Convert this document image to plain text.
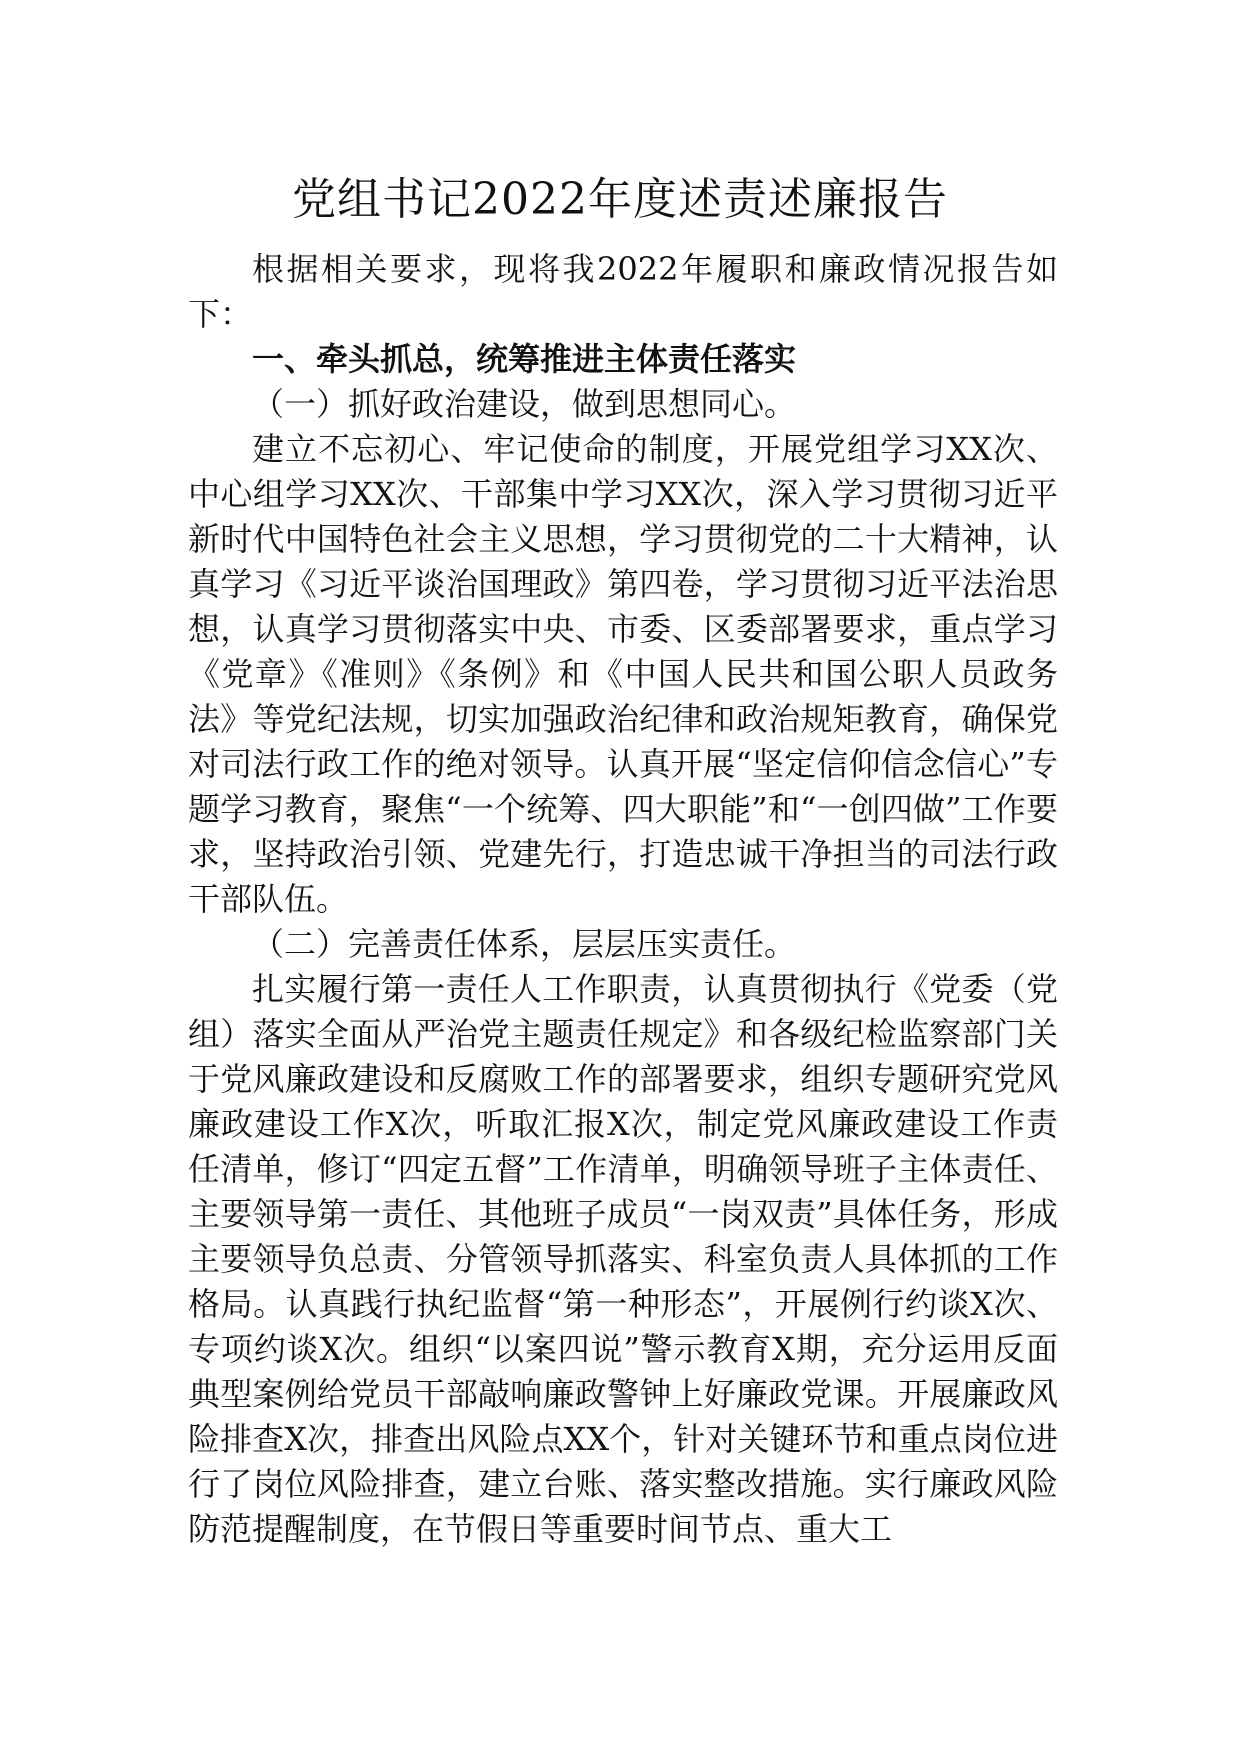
党组书记2022年度述责述廉报告

根据相关要求，现将我2022年履职和廉政情况报告如下：

一、牵头抓总，统筹推进主体责任落实

（一）抓好政治建设，做到思想同心。

建立不忘初心、牢记使命的制度，开展党组学习XX次、中心组学习XX次、干部集中学习XX次，深入学习贯彻习近平新时代中国特色社会主义思想，学习贯彻党的二十大精神，认真学习《习近平谈治国理政》第四卷，学习贯彻习近平法治思想，认真学习贯彻落实中央、市委、区委部署要求，重点学习《党章》《准则》《条例》和《中国人民共和国公职人员政务法》等党纪法规，切实加强政治纪律和政治规矩教育，确保党对司法行政工作的绝对领导。认真开展“坚定信仰信念信心”专题学习教育，聚焦“一个统筹、四大职能”和“一创四做”工作要求，坚持政治引领、党建先行，打造忠诚干净担当的司法行政干部队伍。

（二）完善责任体系，层层压实责任。

扎实履行第一责任人工作职责，认真贯彻执行《党委（党组）落实全面从严治党主题责任规定》和各级纪检监察部门关于党风廉政建设和反腐败工作的部署要求，组织专题研究党风廉政建设工作X次，听取汇报X次，制定党风廉政建设工作责任清单，修订“四定五督”工作清单，明确领导班子主体责任、主要领导第一责任、其他班子成员“一岗双责”具体任务，形成主要领导负总责、分管领导抓落实、科室负责人具体抓的工作格局。认真践行执纪监督“第一种形态”，开展例行约谈X次、专项约谈X次。组织“以案四说”警示教育X期，充分运用反面典型案例给党员干部敲响廉政警钟上好廉政党课。开展廉政风险排查X次，排查出风险点XX个，针对关键环节和重点岗位进行了岗位风险排查，建立台账、落实整改措施。实行廉政风险防范提醒制度，在节假日等重要时间节点、重大工
